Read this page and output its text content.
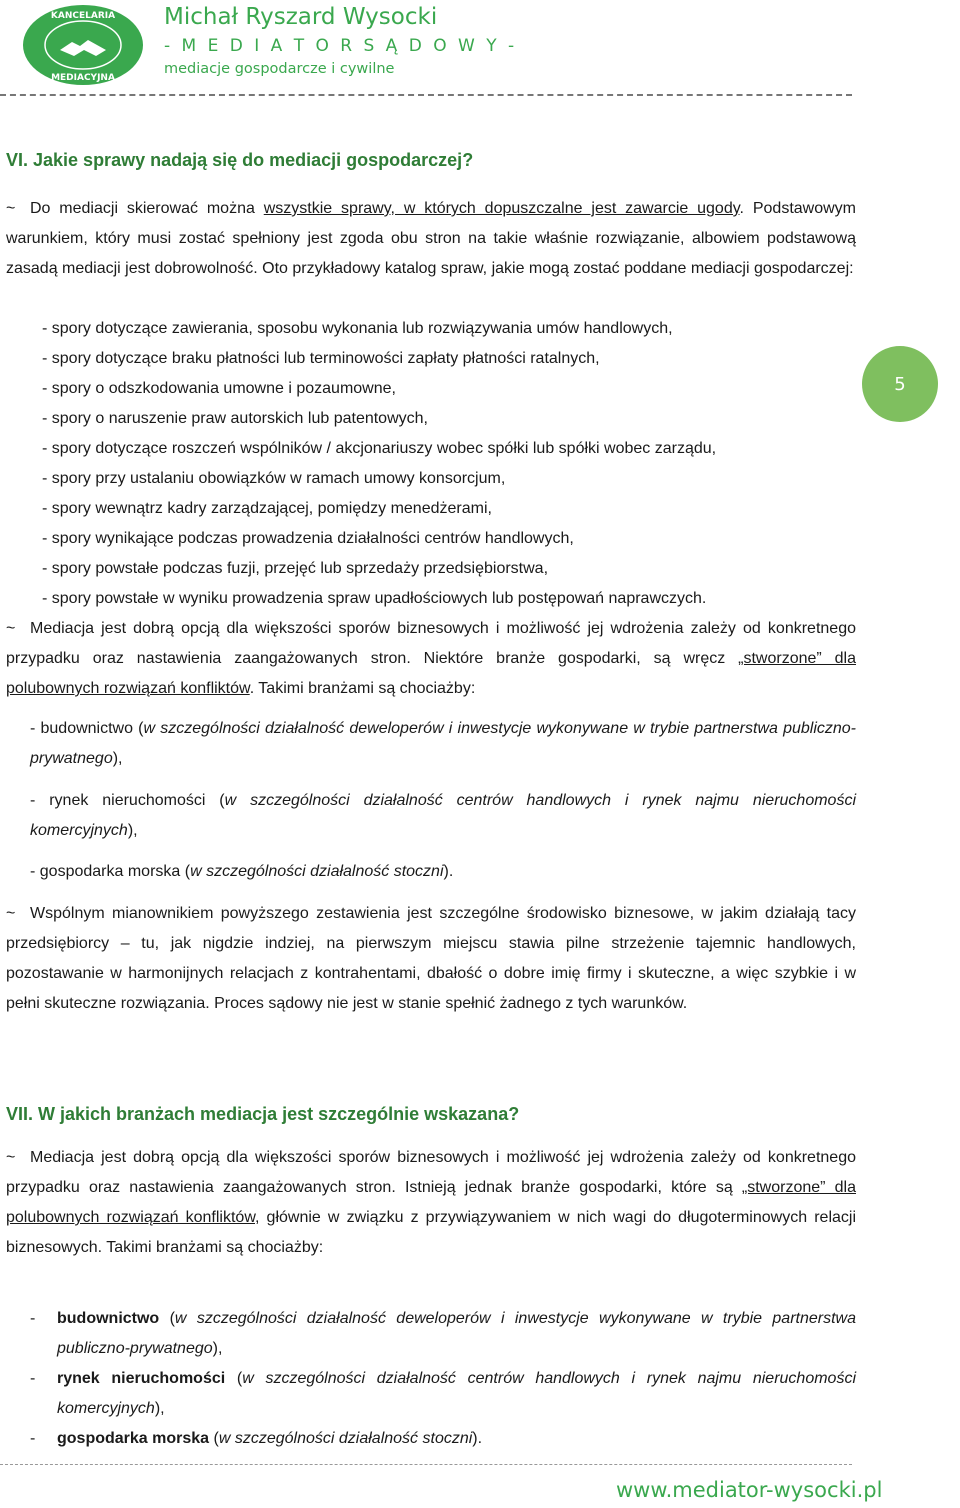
KANCELARIA
MEDIACYJNA
Michał Ryszard Wysocki
- M E D I A T O R S Ą D O W Y -
mediacje gospodarcze i cywilne
5
VI. Jakie sprawy nadają się do mediacji gospodarczej?
~ Do mediacji skierować można wszystkie sprawy, w których dopuszczalne jest zawarcie ugody. Podstawowym warunkiem, który musi zostać spełniony jest zgoda obu stron na takie właśnie rozwiązanie, albowiem podstawową zasadą mediacji jest dobrowolność. Oto przykładowy katalog spraw, jakie mogą zostać poddane mediacji gospodarczej:
- spory dotyczące zawierania, sposobu wykonania lub rozwiązywania umów handlowych,
- spory dotyczące braku płatności lub terminowości zapłaty płatności ratalnych,
- spory o odszkodowania umowne i pozaumowne,
- spory o naruszenie praw autorskich lub patentowych,
- spory dotyczące roszczeń wspólników / akcjonariuszy wobec spółki lub spółki wobec zarządu,
- spory przy ustalaniu obowiązków w ramach umowy konsorcjum,
- spory wewnątrz kadry zarządzającej, pomiędzy menedżerami,
- spory wynikające podczas prowadzenia działalności centrów handlowych,
- spory powstałe podczas fuzji, przejęć lub sprzedaży przedsiębiorstwa,
- spory powstałe w wyniku prowadzenia spraw upadłościowych lub postępowań naprawczych.
~ Mediacja jest dobrą opcją dla większości sporów biznesowych i możliwość jej wdrożenia zależy od konkretnego przypadku oraz nastawienia zaangażowanych stron. Niektóre branże gospodarki, są wręcz „stworzone” dla polubownych rozwiązań konfliktów. Takimi branżami są chociażby:
- budownictwo (w szczególności działalność deweloperów i inwestycje wykonywane w trybie partnerstwa publiczno-prywatnego),
- rynek nieruchomości (w szczególności działalność centrów handlowych i rynek najmu nieruchomości komercyjnych),
- gospodarka morska (w szczególności działalność stoczni).
~ Wspólnym mianownikiem powyższego zestawienia jest szczególne środowisko biznesowe, w jakim działają tacy przedsiębiorcy – tu, jak nigdzie indziej, na pierwszym miejscu stawia pilne strzeżenie tajemnic handlowych, pozostawanie w harmonijnych relacjach z kontrahentami, dbałość o dobre imię firmy i skuteczne, a więc szybkie i w pełni skuteczne rozwiązania. Proces sądowy nie jest w stanie spełnić żadnego z tych warunków.
VII. W jakich branżach mediacja jest szczególnie wskazana?
~ Mediacja jest dobrą opcją dla większości sporów biznesowych i możliwość jej wdrożenia zależy od konkretnego przypadku oraz nastawienia zaangażowanych stron. Istnieją jednak branże gospodarki, które są „stworzone” dla polubownych rozwiązań konfliktów, głównie w związku z przywiązywaniem w nich wagi do długoterminowych relacji biznesowych. Takimi branżami są chociażby:
- budownictwo (w szczególności działalność deweloperów i inwestycje wykonywane w trybie partnerstwa publiczno-prywatnego),
- rynek nieruchomości (w szczególności działalność centrów handlowych i rynek najmu nieruchomości komercyjnych),
- gospodarka morska (w szczególności działalność stoczni).
www.mediator-wysocki.pl
